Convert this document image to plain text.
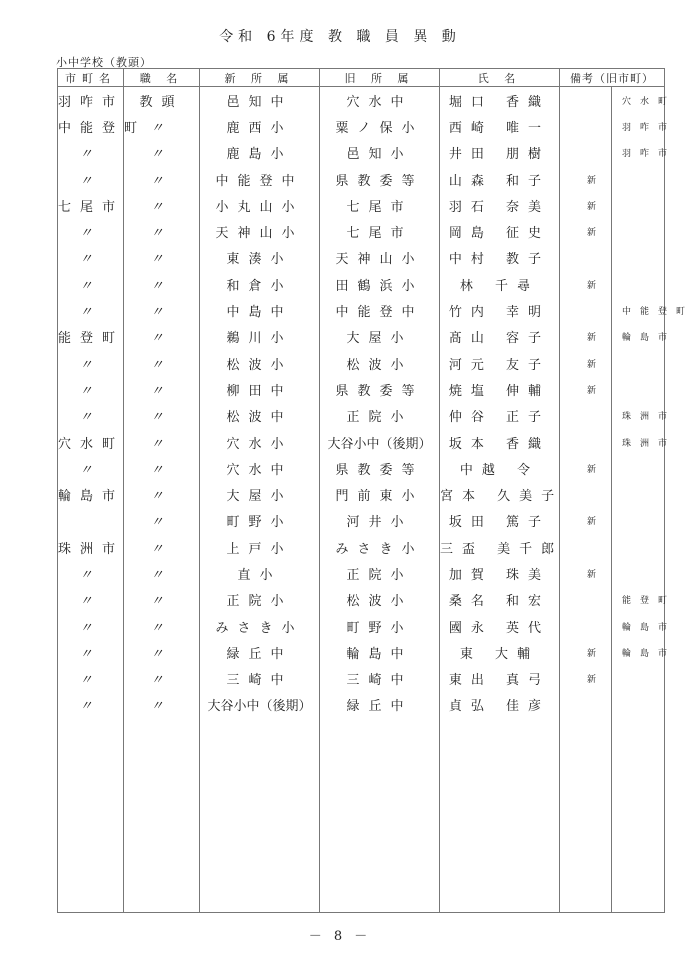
令和 6年度 教 職 員 異 動
小中学校（教頭）
市町名	職 名	新 所 属	旧 所 属	氏 名	備考（旧市町）	
羽咋市	教頭	邑知中	穴水中	堀口 香織		穴水町
中能登町	〃	鹿西小	粟ノ保小	西崎 唯一		羽咋市
〃	〃	鹿島小	邑知小	井田 朋樹		羽咋市
〃	〃	中能登中	県教委等	山森 和子	新	
七尾市	〃	小丸山小	七尾市	羽石 奈美	新	
〃	〃	天神山小	七尾市	岡島 征史	新	
〃	〃	東湊小	天神山小	中村 教子		
〃	〃	和倉小	田鶴浜小	林 千尋	新	
〃	〃	中島中	中能登中	竹内 幸明		中能登町
能登町	〃	鵜川小	大屋小	髙山 容子	新	輪島市
〃	〃	松波小	松波小	河元 友子	新	
〃	〃	柳田中	県教委等	焼塩 伸輔	新	
〃	〃	松波中	正院小	仲谷 正子		珠洲市
穴水町	〃	穴水小	大谷小中（後期）	坂本 香織		珠洲市
〃	〃	穴水中	県教委等	中越 令	新	
輪島市	〃	大屋小	門前東小	宮本 久美子		
	〃	町野小	河井小	坂田 篤子	新	
珠洲市	〃	上戸小	みさき小	三盃 美千郎		
〃	〃	直小	正院小	加賀 珠美	新	
〃	〃	正院小	松波小	桑名 和宏		能登町
〃	〃	みさき小	町野小	國永 英代		輪島市
〃	〃	緑丘中	輪島中	東 大輔	新	輪島市
〃	〃	三崎中	三崎中	東出 真弓	新	
〃	〃	大谷小中（後期）	緑丘中	貞弘 佳彦		

－ 8 －
